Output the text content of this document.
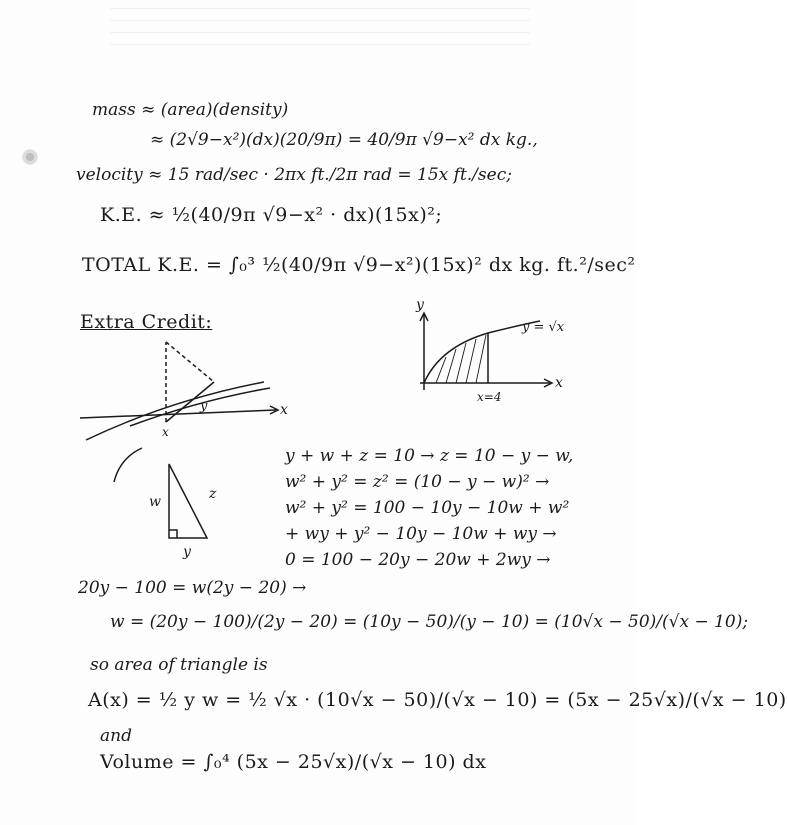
mass ≈ (area)(density)
≈ (2√9−x²)(dx)(20/9π) = 40/9π √9−x² dx kg.,
velocity ≈ 15 rad/sec · 2πx ft./2π rad = 15x ft./sec;
K.E. ≈ ½(40/9π √9−x² · dx)(15x)²;
TOTAL K.E. = ∫₀³ ½(40/9π √9−x²)(15x)² dx kg. ft.²/sec²
Extra Credit:
x
y
x
y
x
y = √x
x=4
w	z
y
y + w + z = 10 → z = 10 − y − w,
w² + y² = z² = (10 − y − w)² →
w² + y² = 100 − 10y − 10w + w²
+ wy + y² − 10y − 10w + wy →
0 = 100 − 20y − 20w + 2wy →
20y − 100 = w(2y − 20) →
w = (20y − 100)/(2y − 20) = (10y − 50)/(y − 10) = (10√x − 50)/(√x − 10);
so area of triangle is
A(x) = ½ y w = ½ √x · (10√x − 50)/(√x − 10) = (5x − 25√x)/(√x − 10)
and
Volume = ∫₀⁴ (5x − 25√x)/(√x − 10) dx
